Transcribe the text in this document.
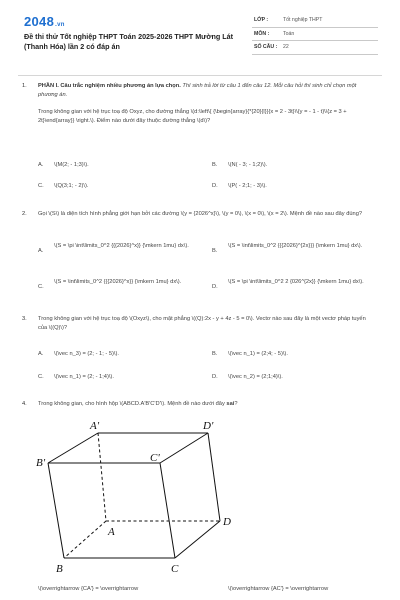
2048.vn
Đề thi thử Tốt nghiệp THPT Toán 2025-2026 THPT Mường Lát (Thanh Hóa) lần 2 có đáp án
LỚP :	Tốt nghiệp THPT
MÔN :	Toán
SỐ CÂU : 22
1. PHẦN I. Câu trắc nghiệm nhiều phương án lựa chọn. Thí sinh trả lời từ câu 1 đến câu 12. Mỗi câu hỏi thí sinh chỉ chọn một phương án.
Trong không gian với hệ trục toạ độ Oxyz, cho đường thẳng \(d:\left\{ {\begin{array}{*{20}{l}}{x = 2 - 3t}\\{y = - 1 - t}\\{z = 3 + 2t}\end{array}} \right.\). Điểm nào dưới đây thuộc đường thẳng \(d\)?
A. \(M(2; - 1;3)\).	B. \(N( - 3; - 1;2)\).
C. \(Q(3;1; - 2)\).	D. \(P( - 2;1; - 3)\).
2. Gọi \(S\) là diện tích hình phẳng giới hạn bởi các đường \(y = {2026^x}\), \(y = 0\), \(x = 0\), \(x = 2\). Mệnh đề nào sau đây đúng?
A.
\(S = \pi \int\limits_0^2 {{{2026}^x}} {\mkern 1mu} dx\).
B.
\(S = \int\limits_0^2 {{{2026}^{2x}}} {\mkern 1mu} dx\).
C.
\(S = \int\limits_0^2 {{{2026}^x}} {\mkern 1mu} dx\).
D.
\(S = \pi \int\limits_0^2 2 {026^{2x}} {\mkern 1mu} dx\).
3. Trong không gian với hệ trục toạ độ \(Oxyz\), cho mặt phẳng \((Q):2x - y + 4z - 5 = 0\). Vectơ nào sau đây là một vectơ pháp tuyến của \((Q)\)?
A. \(\vec n_3) = (2; - 1; - 5)\).	B. \(\vec n_1) = (2;4; - 5)\).
C. \(\vec n_1) = (2; - 1;4)\).	D. \(\vec n_2) = (2;1;4)\).
4. Trong không gian, cho hình hộp \(ABCD.A'B'C'D'\). Mệnh đề nào dưới đây sai?
A'	D'
B'	C'
A
D
B	C
\(\overrightarrow {CA'} = \overrightarrow	\(\overrightarrow {AC'} = \overrightarrow
